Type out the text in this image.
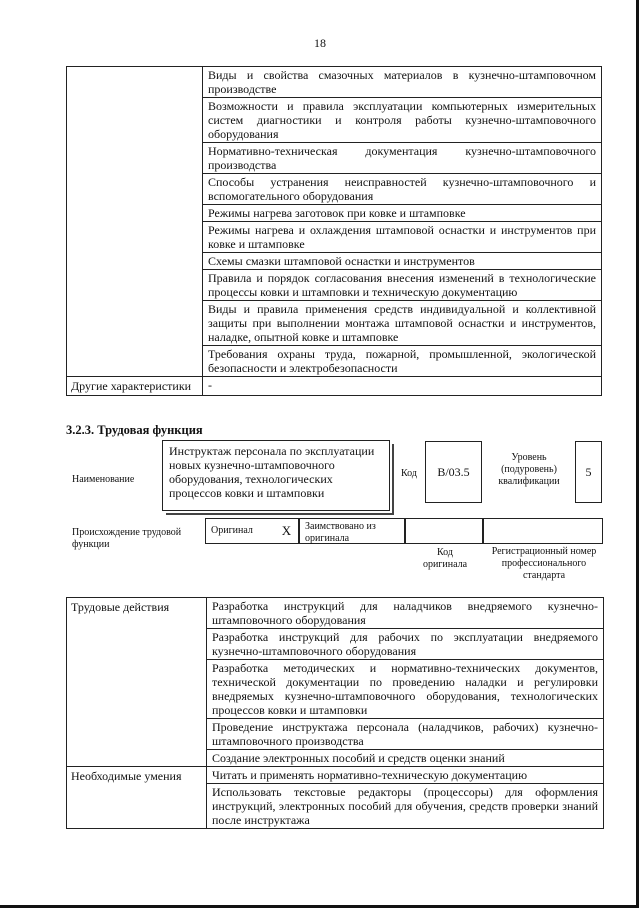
18
	Виды и свойства смазочных материалов в кузнечно-штамповочном производстве
	Возможности и правила эксплуатации компьютерных измерительных систем диагностики и контроля работы кузнечно-штамповочного оборудования
	Нормативно-техническая документация кузнечно-штамповочного производства
	Способы устранения неисправностей кузнечно-штамповочного и вспомогательного оборудования
	Режимы нагрева заготовок при ковке и штамповке
	Режимы нагрева и охлаждения штамповой оснастки и инструментов при ковке и штамповке
	Схемы смазки штамповой оснастки и инструментов
	Правила и порядок согласования внесения изменений в технологические процессы ковки и штамповки и техническую документацию
	Виды и правила применения средств индивидуальной и коллективной защиты при выполнении монтажа штамповой оснастки и инструментов, наладке, опытной ковке и штамповке
	Требования охраны труда, пожарной, промышленной, экологической безопасности и электробезопасности
Другие характеристики	-
3.2.3. Трудовая функция
Наименование
Инструктаж персонала по эксплуатации новых кузнечно-штамповочного оборудования, технологических процессов ковки и штамповки
Код	B/03.5
Уровень (подуровень) квалификации
5
Происхождение трудовой функции
Оригинал	X	Заимствовано из оригинала
Код оригинала
Регистрационный номер профессионального стандарта
Трудовые действия	Разработка инструкций для наладчиков внедряемого кузнечно-штамповочного оборудования
	Разработка инструкций для рабочих по эксплуатации внедряемого кузнечно-штамповочного оборудования
	Разработка методических и нормативно-технических документов, технической документации по проведению наладки и регулировки внедряемых кузнечно-штамповочного оборудования, технологических процессов ковки и штамповки
	Проведение инструктажа персонала (наладчиков, рабочих) кузнечно-штамповочного производства
	Создание электронных пособий и средств оценки знаний
Необходимые умения	Читать и применять нормативно-техническую документацию
	Использовать текстовые редакторы (процессоры) для оформления инструкций, электронных пособий для обучения, средств проверки знаний после инструктажа
